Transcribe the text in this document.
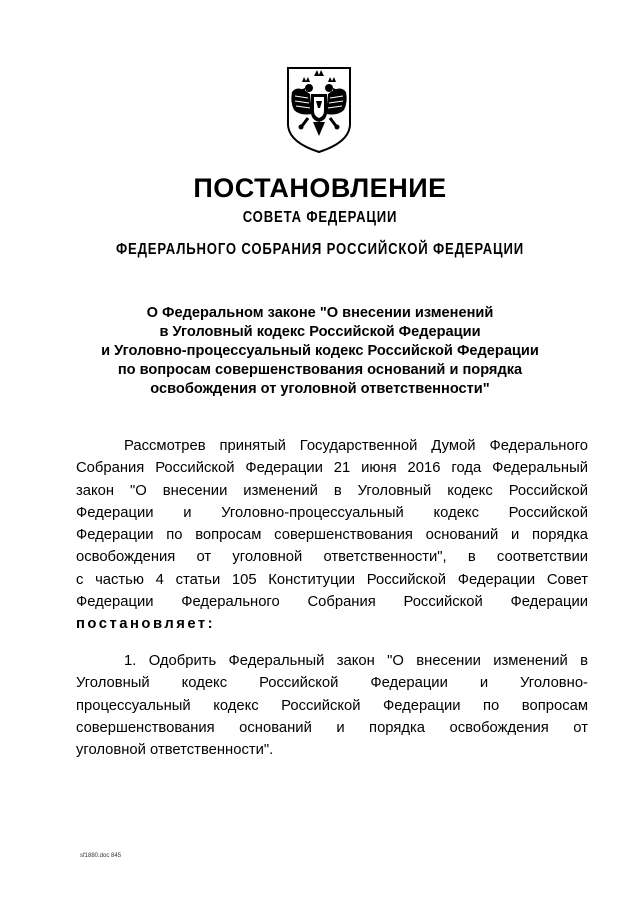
ПОСТАНОВЛЕНИЕ
СОВЕТА ФЕДЕРАЦИИ
ФЕДЕРАЛЬНОГО СОБРАНИЯ РОССИЙСКОЙ ФЕДЕРАЦИИ
О Федеральном законе "О внесении изменений
в Уголовный кодекс Российской Федерации
и Уголовно-процессуальный кодекс Российской Федерации
по вопросам совершенствования оснований и порядка
освобождения от уголовной ответственности"
Рассмотрев принятый Государственной Думой Федерального
Собрания Российской Федерации 21 июня 2016 года Федеральный
закон "О внесении изменений в Уголовный кодекс Российской
Федерации и Уголовно-процессуальный кодекс Российской
Федерации по вопросам совершенствования оснований и порядка
освобождения от уголовной ответственности", в соответствии
с частью 4 статьи 105 Конституции Российской Федерации Совет
Федерации Федерального Собрания Российской Федерации
постановляет:
1. Одобрить Федеральный закон "О внесении изменений в
Уголовный кодекс Российской Федерации и Уголовно-
процессуальный кодекс Российской Федерации по вопросам
совершенствования оснований и порядка освобождения от
уголовной ответственности".
sf1880.doc 845
